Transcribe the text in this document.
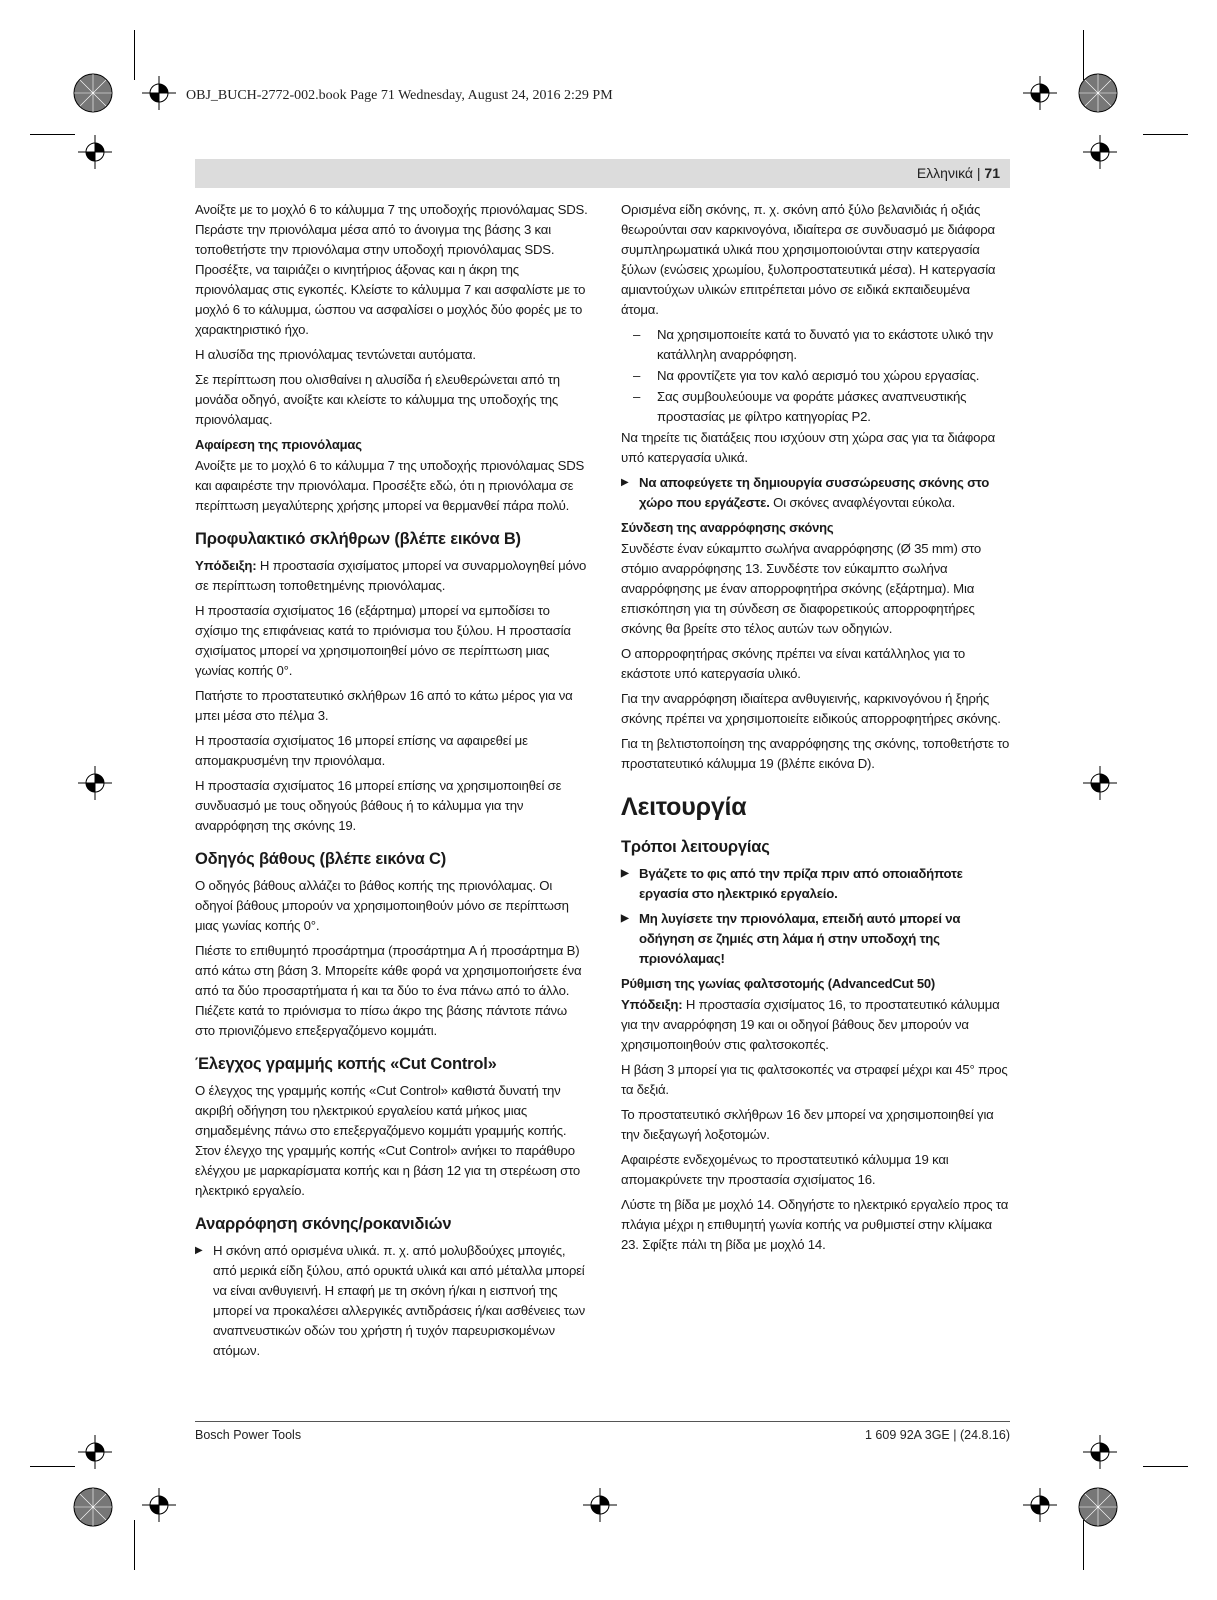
OBJ_BUCH-2772-002.book Page 71 Wednesday, August 24, 2016 2:29 PM
Ελληνικά | 71
Ανοίξτε με το μοχλό 6 το κάλυμμα 7 της υποδοχής πριονόλαμας SDS. Περάστε την πριονόλαμα μέσα από το άνοιγμα της βάσης 3 και τοποθετήστε την πριονόλαμα στην υποδοχή πριονόλαμας SDS. Προσέξτε, να ταιριάζει ο κινητήριος άξονας και η άκρη της πριονόλαμας στις εγκοπές. Κλείστε το κάλυμμα 7 και ασφαλίστε με το μοχλό 6 το κάλυμμα, ώσπου να ασφαλίσει ο μοχλός δύο φορές με το χαρακτηριστικό ήχο.
Η αλυσίδα της πριονόλαμας τεντώνεται αυτόματα.
Σε περίπτωση που ολισθαίνει η αλυσίδα ή ελευθερώνεται από τη μονάδα οδηγό, ανοίξτε και κλείστε το κάλυμμα της υποδοχής της πριονόλαμας.
Αφαίρεση της πριονόλαμας
Ανοίξτε με το μοχλό 6 το κάλυμμα 7 της υποδοχής πριονόλαμας SDS και αφαιρέστε την πριονόλαμα. Προσέξτε εδώ, ότι η πριονόλαμα σε περίπτωση μεγαλύτερης χρήσης μπορεί να θερμανθεί πάρα πολύ.
Προφυλακτικό σκλήθρων (βλέπε εικόνα B)
Υπόδειξη: Η προστασία σχισίματος μπορεί να συναρμολογηθεί μόνο σε περίπτωση τοποθετημένης πριονόλαμας.
Η προστασία σχισίματος 16 (εξάρτημα) μπορεί να εμποδίσει το σχίσιμο της επιφάνειας κατά το πριόνισμα του ξύλου. Η προστασία σχισίματος μπορεί να χρησιμοποιηθεί μόνο σε περίπτωση μιας γωνίας κοπής 0°.
Πατήστε το προστατευτικό σκλήθρων 16 από το κάτω μέρος για να μπει μέσα στο πέλμα 3.
Η προστασία σχισίματος 16 μπορεί επίσης να αφαιρεθεί με απομακρυσμένη την πριονόλαμα.
Η προστασία σχισίματος 16 μπορεί επίσης να χρησιμοποιηθεί σε συνδυασμό με τους οδηγούς βάθους ή το κάλυμμα για την αναρρόφηση της σκόνης 19.
Οδηγός βάθους (βλέπε εικόνα C)
Ο οδηγός βάθους αλλάζει το βάθος κοπής της πριονόλαμας. Οι οδηγοί βάθους μπορούν να χρησιμοποιηθούν μόνο σε περίπτωση μιας γωνίας κοπής 0°.
Πιέστε το επιθυμητό προσάρτημα (προσάρτημα A ή προσάρτημα B) από κάτω στη βάση 3. Μπορείτε κάθε φορά να χρησιμοποιήσετε ένα από τα δύο προσαρτήματα ή και τα δύο το ένα πάνω από το άλλο. Πιέζετε κατά το πριόνισμα το πίσω άκρο της βάσης πάντοτε πάνω στο πριονιζόμενο επεξεργαζόμενο κομμάτι.
Έλεγχος γραμμής κοπής «Cut Control»
Ο έλεγχος της γραμμής κοπής «Cut Control» καθιστά δυνατή την ακριβή οδήγηση του ηλεκτρικού εργαλείου κατά μήκος μιας σημαδεμένης πάνω στο επεξεργαζόμενο κομμάτι γραμμής κοπής. Στον έλεγχο της γραμμής κοπής «Cut Control» ανήκει το παράθυρο ελέγχου με μαρκαρίσματα κοπής και η βάση 12 για τη στερέωση στο ηλεκτρικό εργαλείο.
Αναρρόφηση σκόνης/ροκανιδιών
▶ Η σκόνη από ορισμένα υλικά. π. χ. από μολυβδούχες μπογιές, από μερικά είδη ξύλου, από ορυκτά υλικά και από μέταλλα μπορεί να είναι ανθυγιεινή. Η επαφή με τη σκόνη ή/και η εισπνοή της μπορεί να προκαλέσει αλλεργικές αντιδράσεις ή/και ασθένειες των αναπνευστικών οδών του χρήστη ή τυχόν παρευρισκομένων ατόμων.
Ορισμένα είδη σκόνης, π. χ. σκόνη από ξύλο βελανιδιάς ή οξιάς θεωρούνται σαν καρκινογόνα, ιδιαίτερα σε συνδυασμό με διάφορα συμπληρωματικά υλικά που χρησιμοποιούνται στην κατεργασία ξύλων (ενώσεις χρωμίου, ξυλοπροστατευτικά μέσα). Η κατεργασία αμιαντούχων υλικών επιτρέπεται μόνο σε ειδικά εκπαιδευμένα άτομα.
– Να χρησιμοποιείτε κατά το δυνατό για το εκάστοτε υλικό την κατάλληλη αναρρόφηση.
– Να φροντίζετε για τον καλό αερισμό του χώρου εργασίας.
– Σας συμβουλεύουμε να φοράτε μάσκες αναπνευστικής προστασίας με φίλτρο κατηγορίας P2.
Να τηρείτε τις διατάξεις που ισχύουν στη χώρα σας για τα διάφορα υπό κατεργασία υλικά.
▶ Να αποφεύγετε τη δημιουργία συσσώρευσης σκόνης στο χώρο που εργάζεστε. Οι σκόνες αναφλέγονται εύκολα.
Σύνδεση της αναρρόφησης σκόνης
Συνδέστε έναν εύκαμπτο σωλήνα αναρρόφησης (Ø 35 mm) στο στόμιο αναρρόφησης 13. Συνδέστε τον εύκαμπτο σωλήνα αναρρόφησης με έναν απορροφητήρα σκόνης (εξάρτημα). Μια επισκόπηση για τη σύνδεση σε διαφορετικούς απορροφητήρες σκόνης θα βρείτε στο τέλος αυτών των οδηγιών.
Ο απορροφητήρας σκόνης πρέπει να είναι κατάλληλος για το εκάστοτε υπό κατεργασία υλικό.
Για την αναρρόφηση ιδιαίτερα ανθυγιεινής, καρκινογόνου ή ξηρής σκόνης πρέπει να χρησιμοποιείτε ειδικούς απορροφητήρες σκόνης.
Για τη βελτιστοποίηση της αναρρόφησης της σκόνης, τοποθετήστε το προστατευτικό κάλυμμα 19 (βλέπε εικόνα D).
Λειτουργία
Τρόποι λειτουργίας
▶ Βγάζετε το φις από την πρίζα πριν από οποιαδήποτε εργασία στο ηλεκτρικό εργαλείο.
▶ Μη λυγίσετε την πριονόλαμα, επειδή αυτό μπορεί να οδήγηση σε ζημιές στη λάμα ή στην υποδοχή της πριονόλαμας!
Ρύθμιση της γωνίας φαλτσοτομής (AdvancedCut 50)
Υπόδειξη: Η προστασία σχισίματος 16, το προστατευτικό κάλυμμα για την αναρρόφηση 19 και οι οδηγοί βάθους δεν μπορούν να χρησιμοποιηθούν στις φαλτσοκοπές.
Η βάση 3 μπορεί για τις φαλτσοκοπές να στραφεί μέχρι και 45° προς τα δεξιά.
Το προστατευτικό σκλήθρων 16 δεν μπορεί να χρησιμοποιηθεί για την διεξαγωγή λοξοτομών.
Αφαιρέστε ενδεχομένως το προστατευτικό κάλυμμα 19 και απομακρύνετε την προστασία σχισίματος 16.
Λύστε τη βίδα με μοχλό 14. Οδηγήστε το ηλεκτρικό εργαλείο προς τα πλάγια μέχρι η επιθυμητή γωνία κοπής να ρυθμιστεί στην κλίμακα 23. Σφίξτε πάλι τη βίδα με μοχλό 14.
Bosch Power Tools	1 609 92A 3GE | (24.8.16)
